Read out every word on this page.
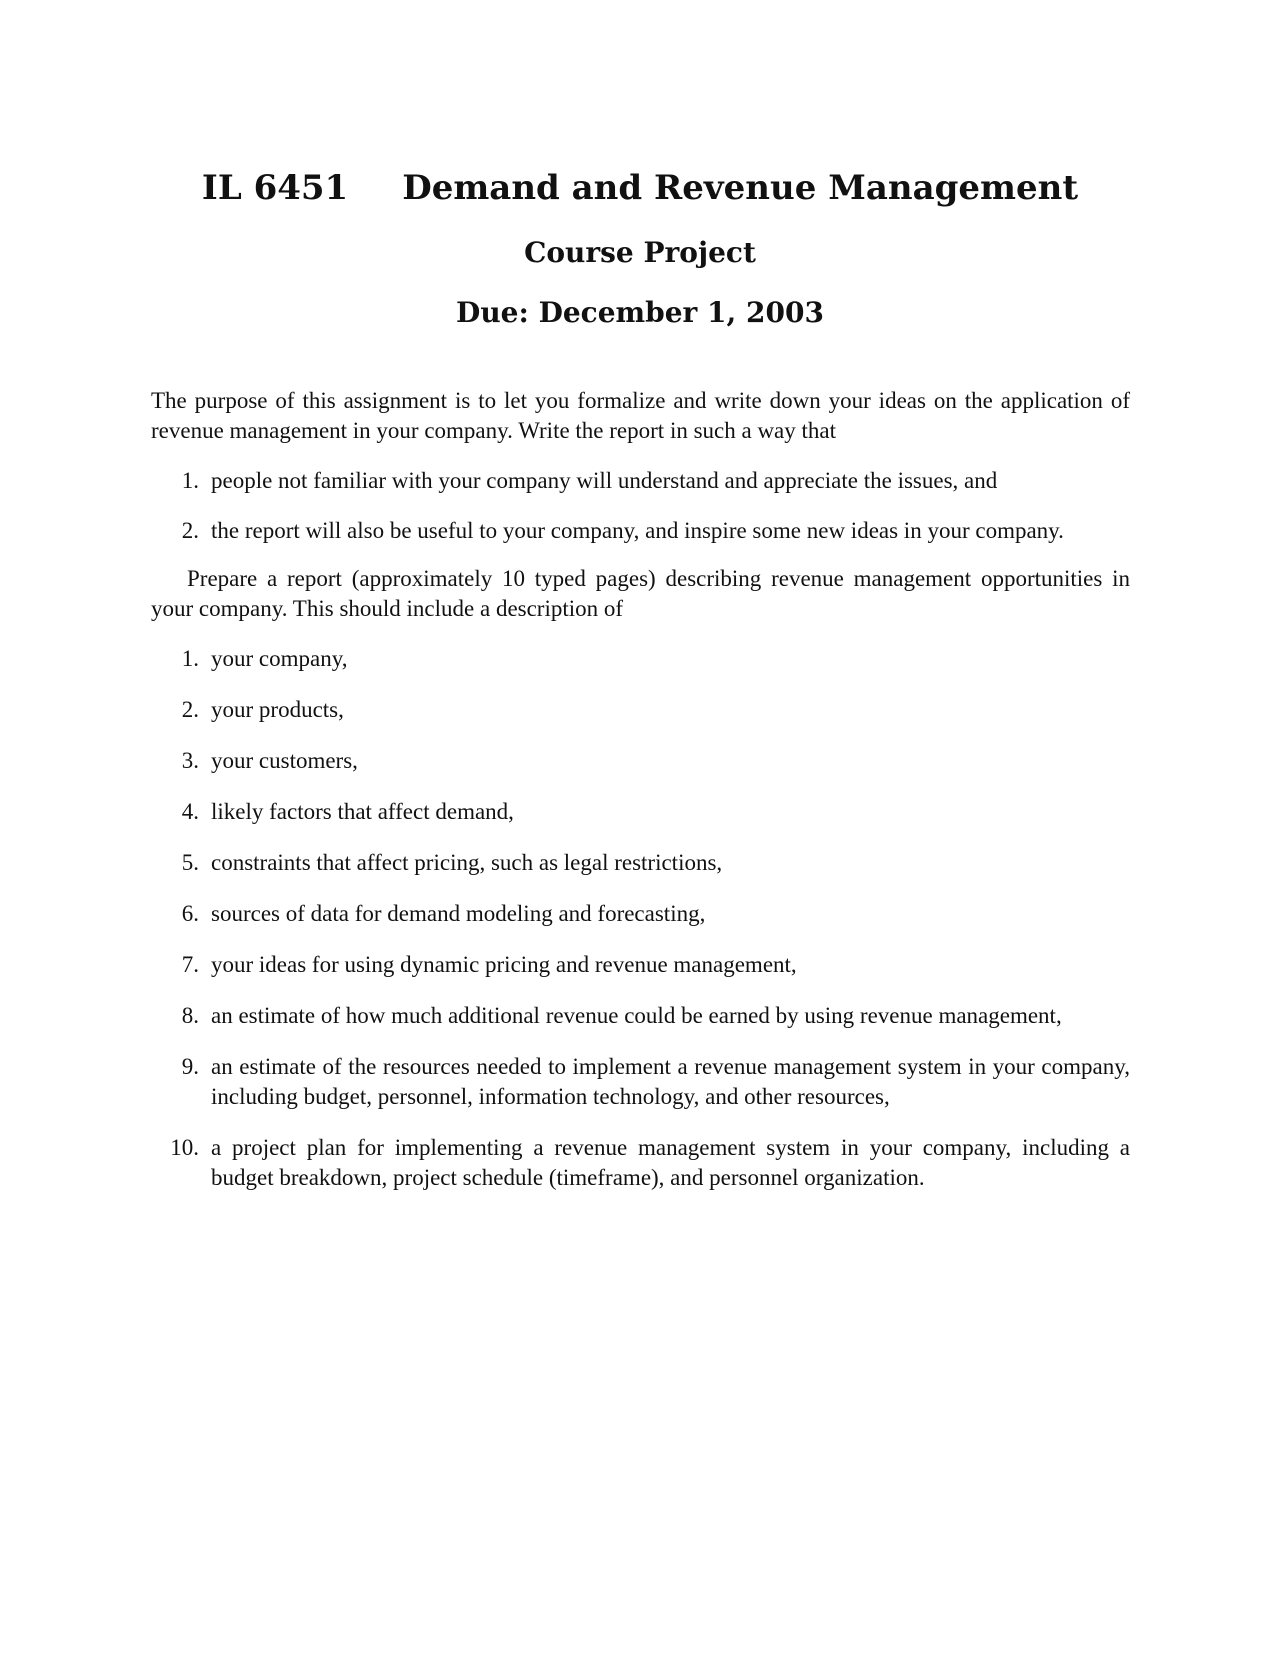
IL 6451 Demand and Revenue Management
Course Project
Due: December 1, 2003

The purpose of this assignment is to let you formalize and write down your ideas on the application of revenue management in your company. Write the report in such a way that

1. people not familiar with your company will understand and appreciate the issues, and
2. the report will also be useful to your company, and inspire some new ideas in your company.

Prepare a report (approximately 10 typed pages) describing revenue management opportunities in your company. This should include a description of

1. your company,
2. your products,
3. your customers,
4. likely factors that affect demand,
5. constraints that affect pricing, such as legal restrictions,
6. sources of data for demand modeling and forecasting,
7. your ideas for using dynamic pricing and revenue management,
8. an estimate of how much additional revenue could be earned by using revenue management,
9. an estimate of the resources needed to implement a revenue management system in your company, including budget, personnel, information technology, and other resources,
10. a project plan for implementing a revenue management system in your company, including a budget breakdown, project schedule (timeframe), and personnel organization.
